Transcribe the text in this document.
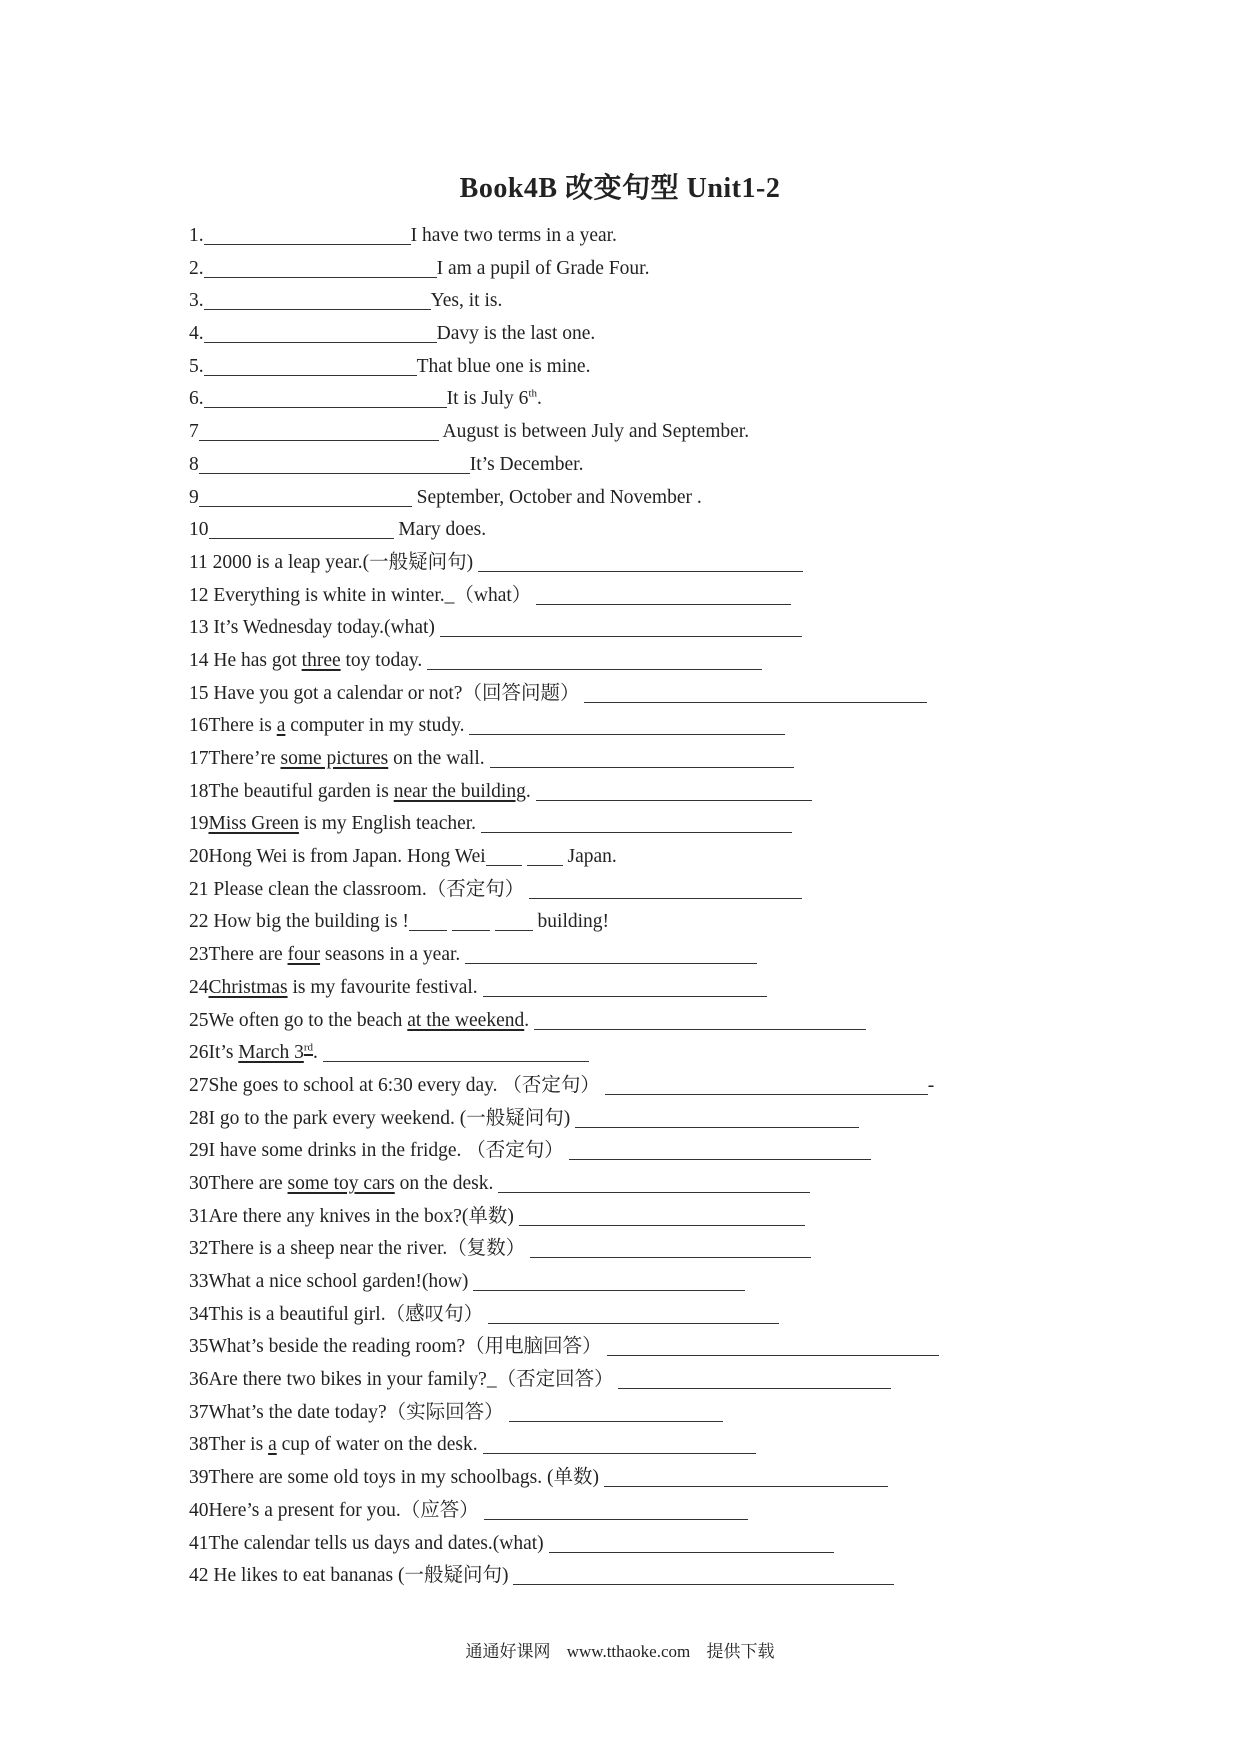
Book4B 改变句型 Unit1-2
1.	I have two terms in a year.
2.	I am a pupil of Grade Four.
3.	Yes, it is.
4.	Davy is the last one.
5.	That blue one is mine.
6.	It is July 6th.
7	August is between July and September.
8	It’s December.
9	September, October and November .
10	Mary does.
11 2000 is a leap year.(一般疑问句)
12 Everything is white in winter._（what）
13 It’s Wednesday today.(what)
14 He has got three toy today.
15 Have you got a calendar or not?（回答问题）
16There is a computer in my study.
17There’re some pictures on the wall.
18The beautiful garden is near the building.
19Miss Green is my English teacher.
20Hong Wei is from Japan. Hong Wei	Japan.
21 Please clean the classroom.（否定句）
22 How big the building is !	building!
23There are four seasons in a year.
24Christmas is my favourite festival.
25We often go to the beach at the weekend.
26It’s March 3rd.
27She goes to school at 6:30 every day. （否定句）	-
28I go to the park every weekend. (一般疑问句)
29I have some drinks in the fridge. （否定句）
30There are some toy cars on the desk.
31Are there any knives in the box?(单数)
32There is a sheep near the river.（复数）
33What a nice school garden!(how)
34This is a beautiful girl.（感叹句）
35What’s beside the reading room?（用电脑回答）
36Are there two bikes in your family?_（否定回答）
37What’s the date today?（实际回答）
38Ther is a cup of water on the desk.
39There are some old toys in my schoolbags. (单数)
40Here’s a present for you.（应答）
41The calendar tells us days and dates.(what)
42 He likes to eat bananas (一般疑问句)
通通好课网 www.tthaoke.com 提供下载
